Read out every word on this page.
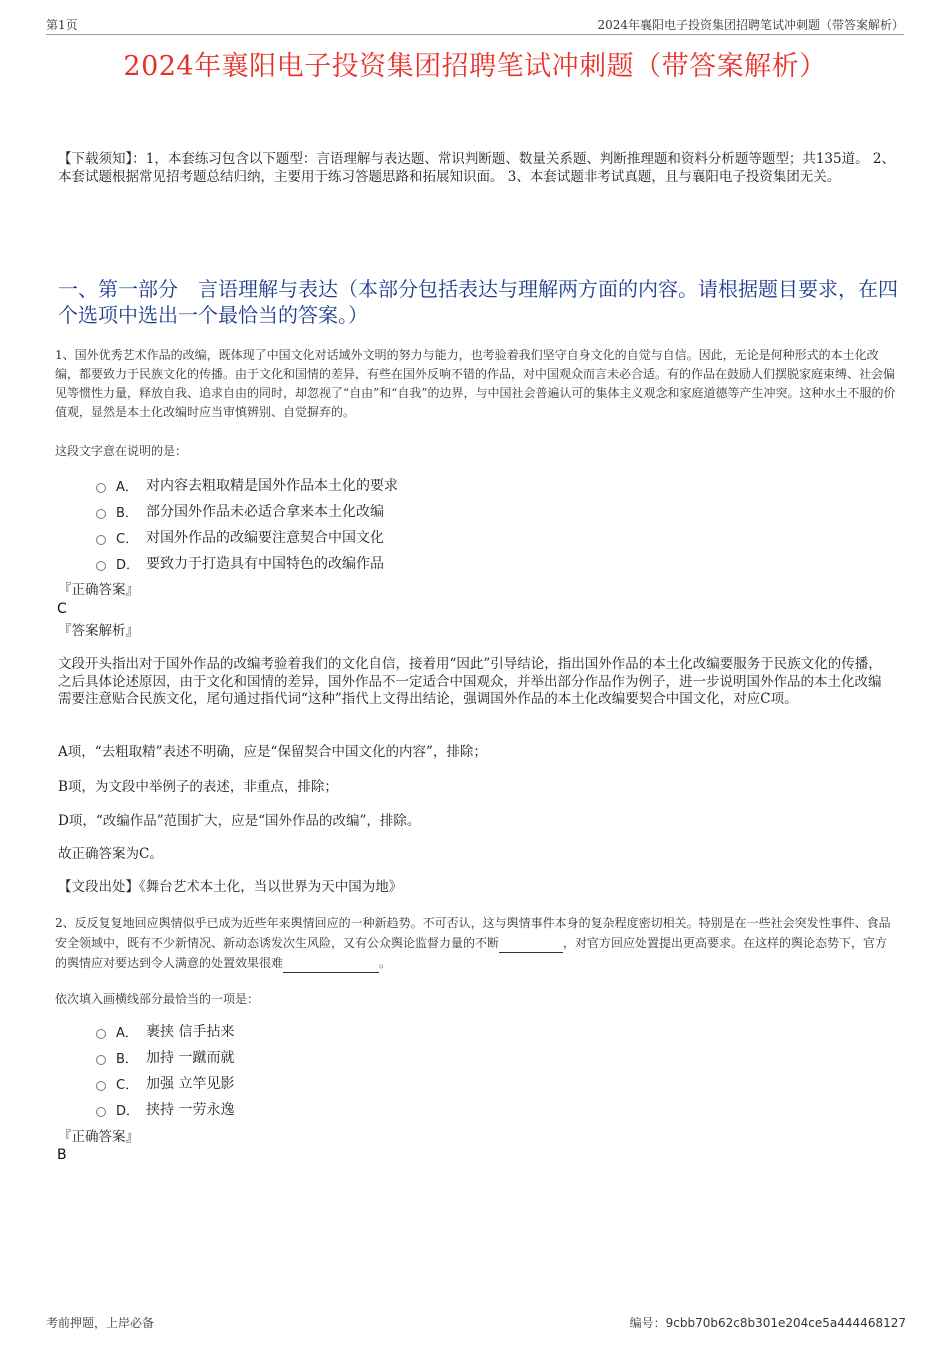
第1页	2024年襄阳电子投资集团招聘笔试冲刺题（带答案解析）
2024年襄阳电子投资集团招聘笔试冲刺题（带答案解析）
【下载须知】：1，本套练习包含以下题型：言语理解与表达题、常识判断题、数量关系题、判断推理题和资料分析题等题型；共135道。 2、本套试题根据常见招考题总结归纳，主要用于练习答题思路和拓展知识面。 3、本套试题非考试真题，且与襄阳电子投资集团无关。
一、第一部分　言语理解与表达（本部分包括表达与理解两方面的内容。请根据题目要求，在四个选项中选出一个最恰当的答案。）
1、国外优秀艺术作品的改编，既体现了中国文化对话域外文明的努力与能力，也考验着我们坚守自身文化的自觉与自信。因此，无论是何种形式的本土化改编，都要致力于民族文化的传播。由于文化和国情的差异，有些在国外反响不错的作品，对中国观众而言未必合适。有的作品在鼓励人们摆脱家庭束缚、社会偏见等惯性力量，释放自我、追求自由的同时，却忽视了“自由”和“自我”的边界，与中国社会普遍认可的集体主义观念和家庭道德等产生冲突。这种水土不服的价值观，显然是本土化改编时应当审慎辨别、自觉摒弃的。
这段文字意在说明的是：
A． 对内容去粗取精是国外作品本土化的要求
B． 部分国外作品未必适合拿来本土化改编
C． 对国外作品的改编要注意契合中国文化
D． 要致力于打造具有中国特色的改编作品
『正确答案』
C
『答案解析』
文段开头指出对于国外作品的改编考验着我们的文化自信，接着用“因此”引导结论，指出国外作品的本土化改编要服务于民族文化的传播，之后具体论述原因，由于文化和国情的差异，国外作品不一定适合中国观众，并举出部分作品作为例子，进一步说明国外作品的本土化改编需要注意贴合民族文化，尾句通过指代词“这种”指代上文得出结论，强调国外作品的本土化改编要契合中国文化，对应C项。
A项，“去粗取精”表述不明确，应是“保留契合中国文化的内容”，排除；
B项，为文段中举例子的表述，非重点，排除；
D项，“改编作品”范围扩大，应是“国外作品的改编”，排除。
故正确答案为C。
【文段出处】《舞台艺术本土化，当以世界为天中国为地》
2、反反复复地回应舆情似乎已成为近些年来舆情回应的一种新趋势。不可否认，这与舆情事件本身的复杂程度密切相关。特别是在一些社会突发性事件、食品安全领域中，既有不少新情况、新动态诱发次生风险，又有公众舆论监督力量的不断	，对官方回应处置提出更高要求。在这样的舆论态势下，官方的舆情应对要达到令人满意的处置效果很难	。
依次填入画横线部分最恰当的一项是：
A． 裹挟 信手拈来
B． 加持 一蹴而就
C． 加强 立竿见影
D． 挟持 一劳永逸
『正确答案』
B
考前押题，上岸必备	编号：9cbb70b62c8b301e204ce5a444468127
